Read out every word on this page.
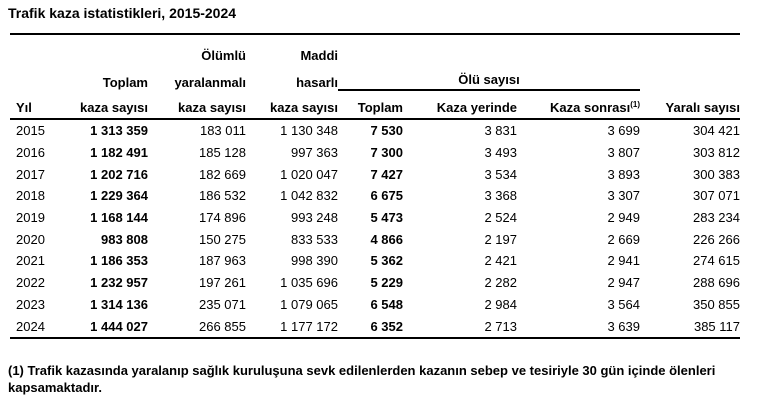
Trafik kaza istatistikleri, 2015-2024

		Ölümlü	Maddi				
	Toplam	yaralanmalı	hasarlı	Ölü sayısı			
Yıl	kaza sayısı	kaza sayısı	kaza sayısı	Toplam	Kaza yerinde	Kaza sonrası$^{(1)}$	Yaralı sayısı
2015	1 313 359	183 011	1 130 348	7 530	3 831	3 699	304 421
2016	1 182 491	185 128	997 363	7 300	3 493	3 807	303 812
2017	1 202 716	182 669	1 020 047	7 427	3 534	3 893	300 383
2018	1 229 364	186 532	1 042 832	6 675	3 368	3 307	307 071
2019	1 168 144	174 896	993 248	5 473	2 524	2 949	283 234
2020	983 808	150 275	833 533	4 866	2 197	2 669	226 266
2021	1 186 353	187 963	998 390	5 362	2 421	2 941	274 615
2022	1 232 957	197 261	1 035 696	5 229	2 282	2 947	288 696
2023	1 314 136	235 071	1 079 065	6 548	2 984	3 564	350 855
2024	1 444 027	266 855	1 177 172	6 352	2 713	3 639	385 117
(1) Trafik kazasında yaralanıp sağlık kuruluşuna sevk edilenlerden kazanın sebep ve tesiriyle 30 gün içinde ölenleri kapsamaktadır.
